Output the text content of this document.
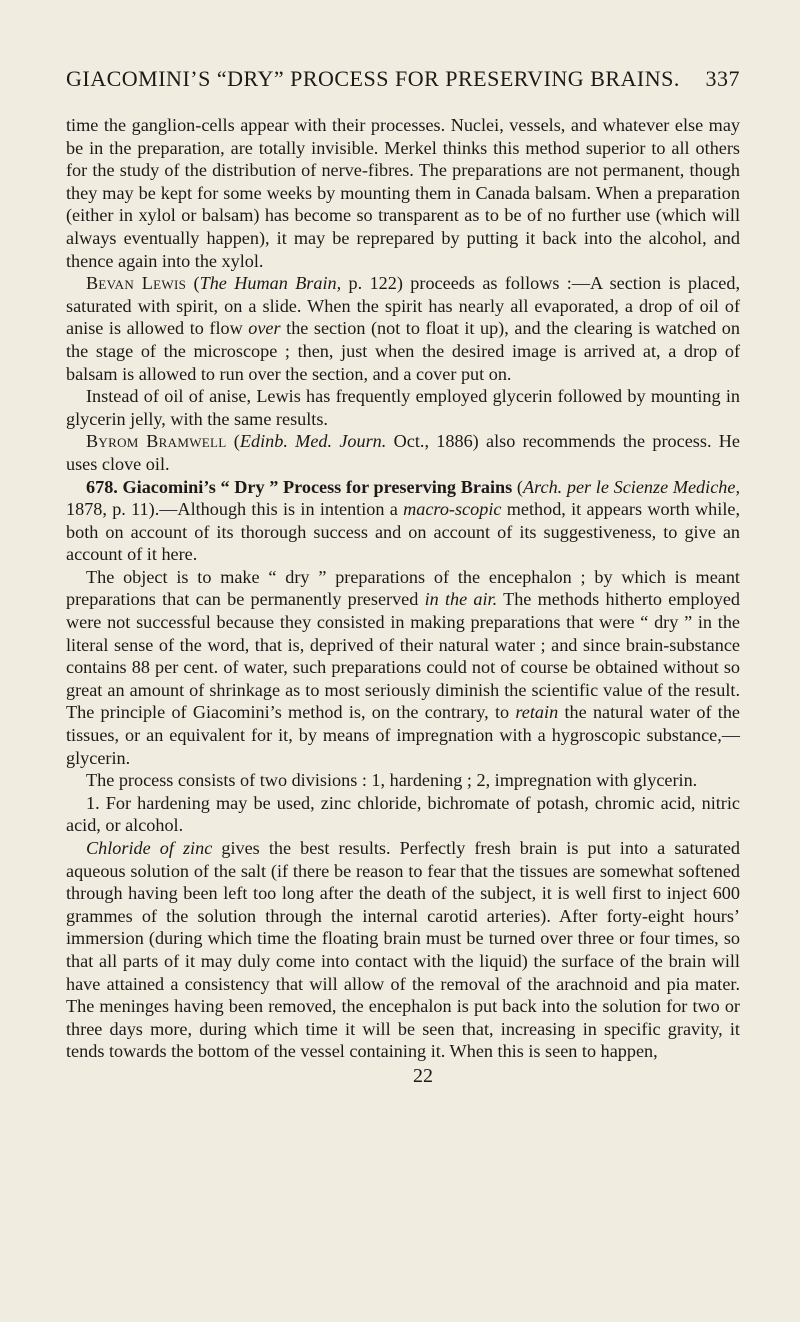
GIACOMINI’S “DRY” PROCESS FOR PRESERVING BRAINS. 337

time the ganglion-cells appear with their processes. Nuclei, vessels, and whatever else may be in the preparation, are totally invisible. Merkel thinks this method superior to all others for the study of the distribution of nerve-fibres. The preparations are not permanent, though they may be kept for some weeks by mounting them in Canada balsam. When a preparation (either in xylol or balsam) has become so transparent as to be of no further use (which will always eventually happen), it may be reprepared by putting it back into the alcohol, and thence again into the xylol.

Bevan Lewis (The Human Brain, p. 122) proceeds as follows :—A section is placed, saturated with spirit, on a slide. When the spirit has nearly all evaporated, a drop of oil of anise is allowed to flow over the section (not to float it up), and the clearing is watched on the stage of the microscope ; then, just when the desired image is arrived at, a drop of balsam is allowed to run over the section, and a cover put on.

Instead of oil of anise, Lewis has frequently employed glycerin followed by mounting in glycerin jelly, with the same results.

Byrom Bramwell (Edinb. Med. Journ. Oct., 1886) also recommends the process. He uses clove oil.

678. Giacomini’s “ Dry ” Process for preserving Brains (Arch. per le Scienze Mediche, 1878, p. 11).—Although this is in intention a macro-scopic method, it appears worth while, both on account of its thorough success and on account of its suggestiveness, to give an account of it here.

The object is to make “ dry ” preparations of the encephalon ; by which is meant preparations that can be permanently preserved in the air. The methods hitherto employed were not successful because they consisted in making preparations that were “ dry ” in the literal sense of the word, that is, deprived of their natural water ; and since brain-substance contains 88 per cent. of water, such preparations could not of course be obtained without so great an amount of shrinkage as to most seriously diminish the scientific value of the result. The principle of Giacomini’s method is, on the contrary, to retain the natural water of the tissues, or an equivalent for it, by means of impregnation with a hygroscopic substance,—glycerin.

The process consists of two divisions : 1, hardening ; 2, impregnation with glycerin.

1. For hardening may be used, zinc chloride, bichromate of potash, chromic acid, nitric acid, or alcohol.

Chloride of zinc gives the best results. Perfectly fresh brain is put into a saturated aqueous solution of the salt (if there be reason to fear that the tissues are somewhat softened through having been left too long after the death of the subject, it is well first to inject 600 grammes of the solution through the internal carotid arteries). After forty-eight hours’ immersion (during which time the floating brain must be turned over three or four times, so that all parts of it may duly come into contact with the liquid) the surface of the brain will have attained a consistency that will allow of the removal of the arachnoid and pia mater. The meninges having been removed, the encephalon is put back into the solution for two or three days more, during which time it will be seen that, increasing in specific gravity, it tends towards the bottom of the vessel containing it. When this is seen to happen,

22
